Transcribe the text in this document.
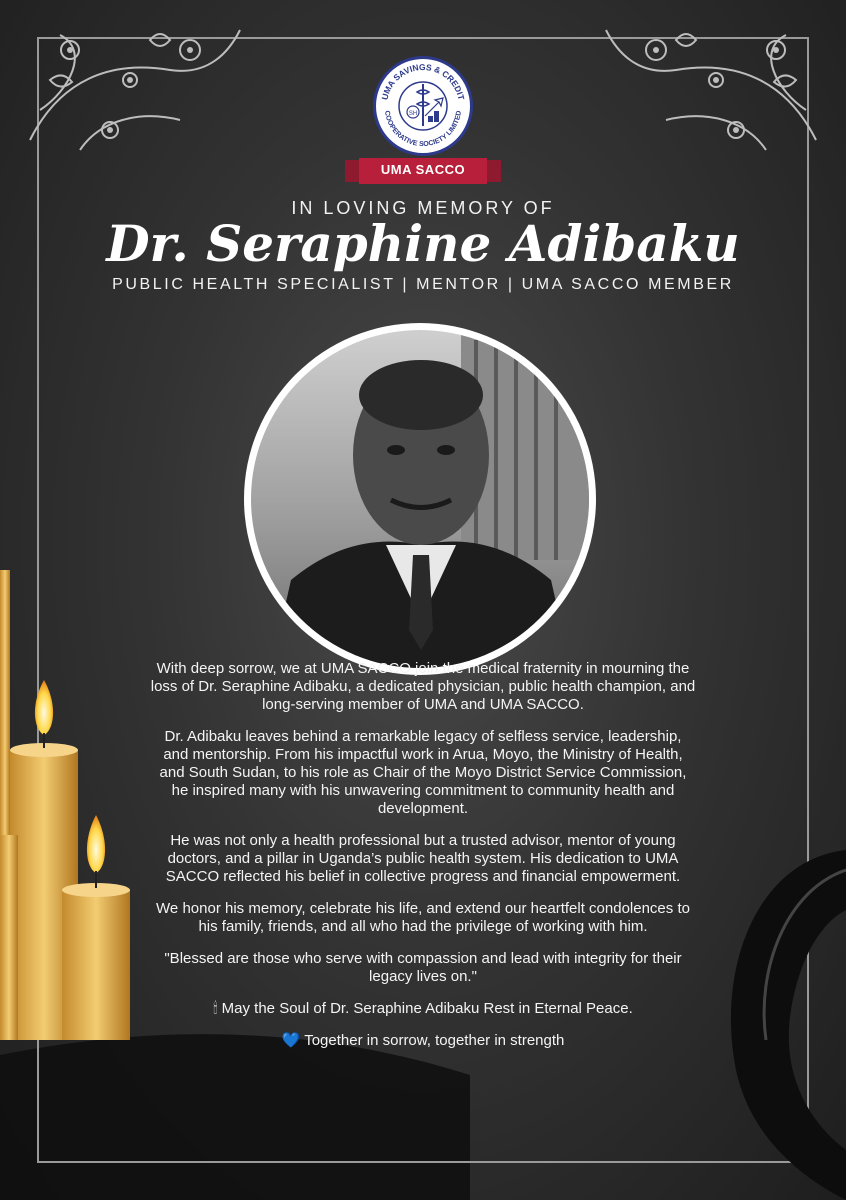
UMA SAVINGS & CREDIT
COOPERATIVE SOCIETY LIMITED
SH
UMA SACCO
IN LOVING MEMORY OF
Dr. Seraphine Adibaku
PUBLIC HEALTH SPECIALIST | MENTOR | UMA SACCO MEMBER

With deep sorrow, we at UMA SACCO join the medical fraternity in mourning the loss of Dr. Seraphine Adibaku, a dedicated physician, public health champion, and long-serving member of UMA and UMA SACCO.

Dr. Adibaku leaves behind a remarkable legacy of selfless service, leadership, and mentorship. From his impactful work in Arua, Moyo, the Ministry of Health, and South Sudan, to his role as Chair of the Moyo District Service Commission, he inspired many with his unwavering commitment to community health and development.

He was not only a health professional but a trusted advisor, mentor of young doctors, and a pillar in Uganda’s public health system. His dedication to UMA SACCO reflected his belief in collective progress and financial empowerment.

We honor his memory, celebrate his life, and extend our heartfelt condolences to his family, friends, and all who had the privilege of working with him.

"Blessed are those who serve with compassion and lead with integrity for their legacy lives on."

🕯 May the Soul of Dr. Seraphine Adibaku Rest in Eternal Peace.

💙 Together in sorrow, together in strength
